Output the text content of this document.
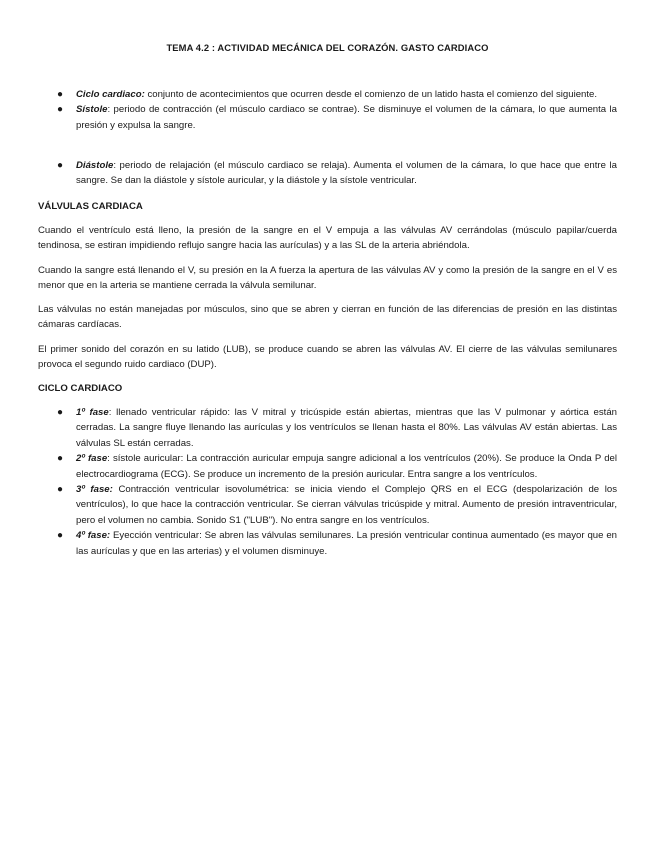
TEMA 4.2 : ACTIVIDAD MECÁNICA DEL CORAZÓN. GASTO CARDIACO
● Ciclo cardiaco: conjunto de acontecimientos que ocurren desde el comienzo de un latido hasta el comienzo del siguiente.
● Sístole: periodo de contracción (el músculo cardiaco se contrae). Se disminuye el volumen de la cámara, lo que aumenta la presión y expulsa la sangre.
● Diástole: periodo de relajación (el músculo cardiaco se relaja). Aumenta el volumen de la cámara, lo que hace que entre la sangre. Se dan la diástole y sístole auricular, y la diástole y la sístole ventricular.
VÁLVULAS CARDIACA

Cuando el ventrículo está lleno, la presión de la sangre en el V empuja a las válvulas AV cerrándolas (músculo papilar/cuerda tendinosa, se estiran impidiendo reflujo sangre hacia las aurículas) y a las SL de la arteria abriéndola.

Cuando la sangre está llenando el V, su presión en la A fuerza la apertura de las válvulas AV y como la presión de la sangre en el V es menor que en la arteria se mantiene cerrada la válvula semilunar.

Las válvulas no están manejadas por músculos, sino que se abren y cierran en función de las diferencias de presión en las distintas cámaras cardíacas.

El primer sonido del corazón en su latido (LUB), se produce cuando se abren las válvulas AV. El cierre de las válvulas semilunares provoca el segundo ruido cardiaco (DUP).

CICLO CARDIACO
● 1º fase: llenado ventricular rápido: las V mitral y tricúspide están abiertas, mientras que las V pulmonar y aórtica están cerradas. La sangre fluye llenando las aurículas y los ventrículos se llenan hasta el 80%. Las válvulas AV están abiertas. Las válvulas SL están cerradas.
● 2º fase: sístole auricular: La contracción auricular empuja sangre adicional a los ventrículos (20%). Se produce la Onda P del electrocardiograma (ECG). Se produce un incremento de la presión auricular. Entra sangre a los ventrículos.
● 3º fase: Contracción ventricular isovolumétrica: se inicia viendo el Complejo QRS en el ECG (despolarización de los ventrículos), lo que hace la contracción ventricular. Se cierran válvulas tricúspide y mitral. Aumento de presión intraventricular, pero el volumen no cambia. Sonido S1 ("LUB"). No entra sangre en los ventrículos.
● 4º fase: Eyección ventricular: Se abren las válvulas semilunares. La presión ventricular continua aumentado (es mayor que en las aurículas y que en las arterias) y el volumen disminuye.
